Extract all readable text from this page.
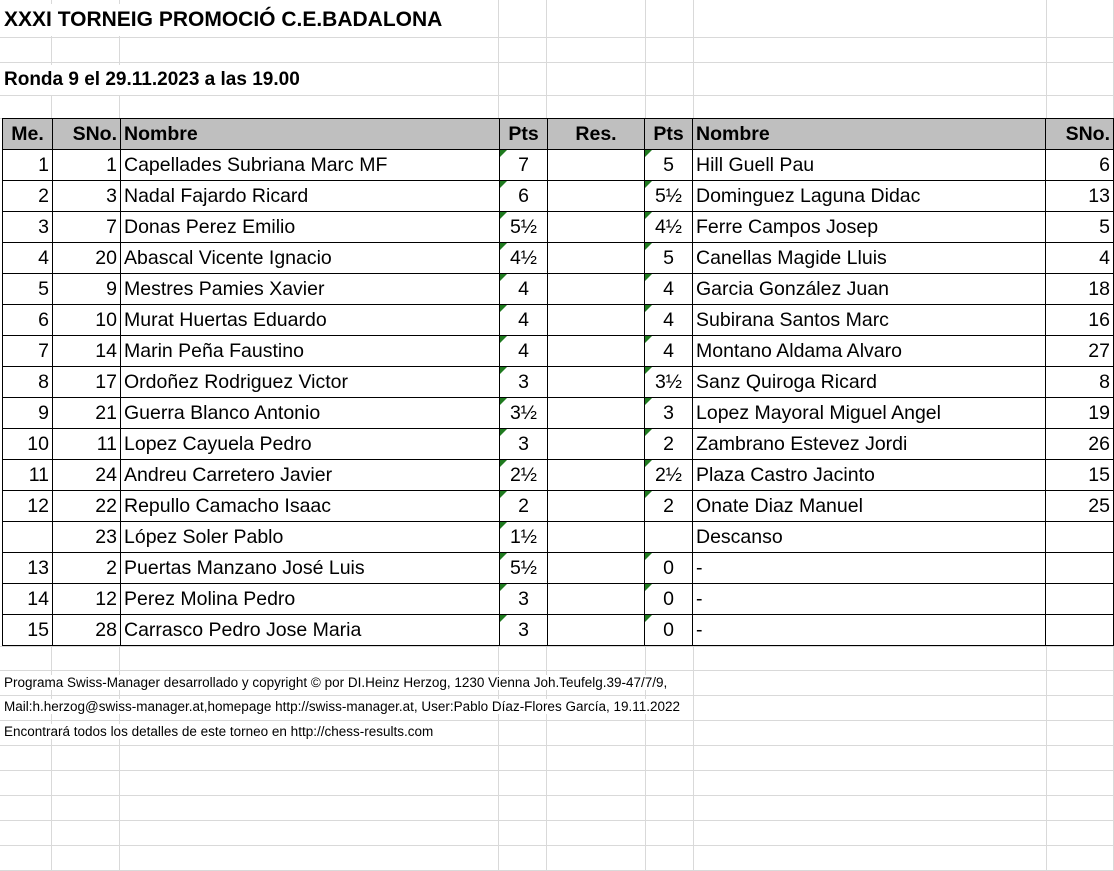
XXXI TORNEIG PROMOCIÓ C.E.BADALONA
Ronda 9 el 29.11.2023 a las 19.00
Me.	SNo.	Nombre	Pts	Res.	Pts	Nombre	SNo.
1	1	Capellades Subriana Marc MF	7		5	Hill Guell Pau	6
2	3	Nadal Fajardo Ricard	6		5½	Dominguez Laguna Didac	13
3	7	Donas Perez Emilio	5½		4½	Ferre Campos Josep	5
4	20	Abascal Vicente Ignacio	4½		5	Canellas Magide Lluis	4
5	9	Mestres Pamies Xavier	4		4	Garcia González Juan	18
6	10	Murat Huertas Eduardo	4		4	Subirana Santos Marc	16
7	14	Marin Peña Faustino	4		4	Montano Aldama Alvaro	27
8	17	Ordoñez Rodriguez Victor	3		3½	Sanz Quiroga Ricard	8
9	21	Guerra Blanco Antonio	3½		3	Lopez Mayoral Miguel Angel	19
10	11	Lopez Cayuela Pedro	3		2	Zambrano Estevez Jordi	26
11	24	Andreu Carretero Javier	2½		2½	Plaza Castro Jacinto	15
12	22	Repullo Camacho Isaac	2		2	Onate Diaz Manuel	25
	23	López Soler Pablo	1½			Descanso	
13	2	Puertas Manzano José Luis	5½		0	-	
14	12	Perez Molina Pedro	3		0	-	
15	28	Carrasco Pedro Jose Maria	3		0	-	
Programa Swiss-Manager desarrollado y copyright © por DI.Heinz Herzog, 1230 Vienna Joh.Teufelg.39-47/7/9,
Mail:h.herzog@swiss-manager.at,homepage http://swiss-manager.at, User:Pablo Díaz-Flores García, 19.11.2022
Encontrará todos los detalles de este torneo en http://chess-results.com
